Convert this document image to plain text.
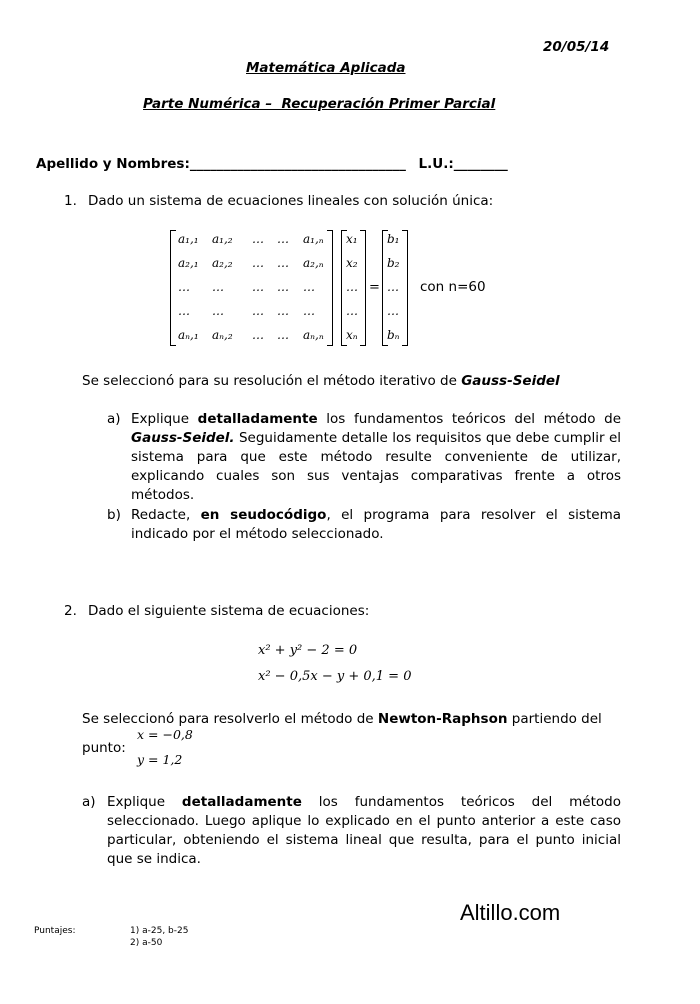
20/05/14
Matemática Aplicada
Parte Numérica –  Recuperación Primer Parcial
Apellido y Nombres:________________________________ L.U.:________
1. Dado un sistema de ecuaciones lineales con solución única:
a₁,₁ a₁,₂ … … a₁,ₙ
a₂,₁ a₂,₂ … … a₂,ₙ
… … … … …
… … … … …
aₙ,₁ aₙ,₂ … … aₙ,ₙ
x₁
x₂
…
…
xₙ
=
b₁
b₂
…
…
bₙ
con n=60
Se seleccionó para su resolución el método iterativo de Gauss-Seidel
a) Explique detalladamente los fundamentos teóricos del método de Gauss-Seidel. Seguidamente detalle los requisitos que debe cumplir el sistema para que este método resulte conveniente de utilizar, explicando cuales son sus ventajas comparativas frente a otros métodos.
b) Redacte, en seudocódigo, el programa para resolver el sistema indicado por el método seleccionado.
2. Dado el siguiente sistema de ecuaciones:
x² + y² − 2 = 0
x² − 0,5x − y + 0,1 = 0
Se seleccionó para resolverlo el método de Newton-Raphson partiendo del
punto:
x = −0,8
y = 1,2
a) Explique detalladamente los fundamentos teóricos del método seleccionado. Luego aplique lo explicado en el punto anterior a este caso particular, obteniendo el sistema lineal que resulta, para el punto inicial que se indica.
Altillo.com
Puntajes:	1) a-25, b-25
2) a-50
